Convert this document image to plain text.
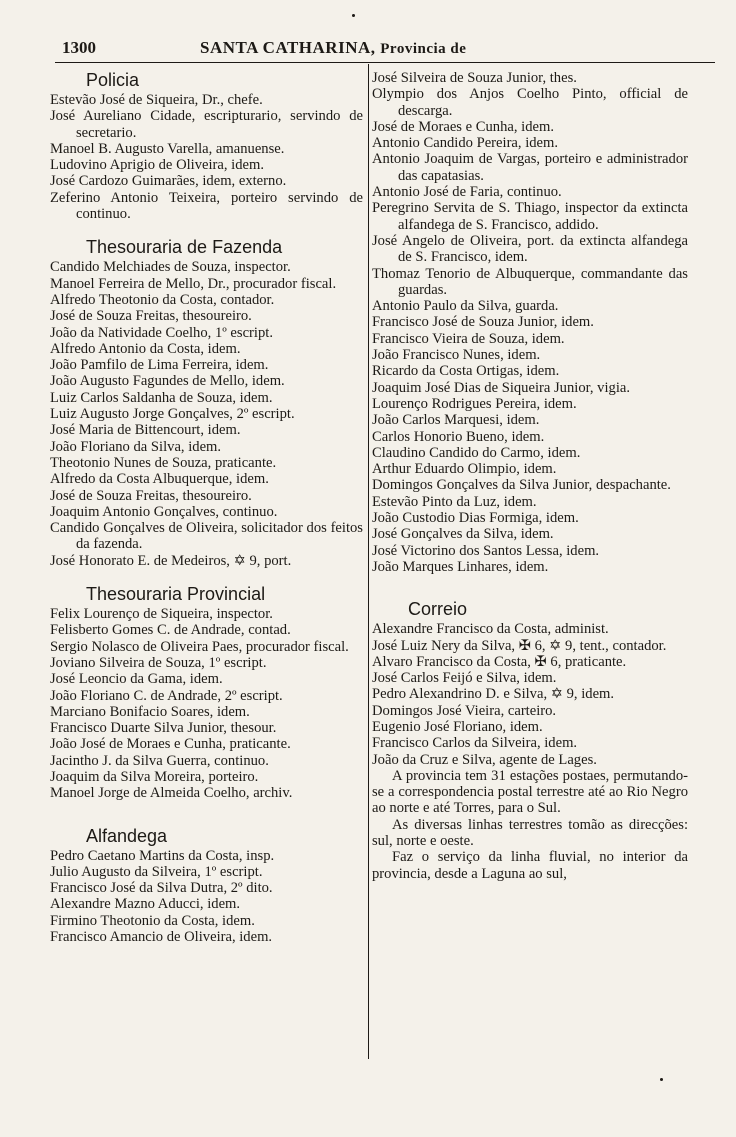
1300	SANTA CATHARINA, Provincia de
Policia
Estevão José de Siqueira, Dr., chefe.
José Aureliano Cidade, escripturario, servindo de secretario.
Manoel B. Augusto Varella, amanuense.
Ludovino Aprigio de Oliveira, idem.
José Cardozo Guimarães, idem, externo.
Zeferino Antonio Teixeira, porteiro servindo de continuo.
Thesouraria de Fazenda
Candido Melchiades de Souza, inspector.
Manoel Ferreira de Mello, Dr., procurador fiscal.
Alfredo Theotonio da Costa, contador.
José de Souza Freitas, thesoureiro.
João da Natividade Coelho, 1º escript.
Alfredo Antonio da Costa, idem.
João Pamfilo de Lima Ferreira, idem.
João Augusto Fagundes de Mello, idem.
Luiz Carlos Saldanha de Souza, idem.
Luiz Augusto Jorge Gonçalves, 2º escript.
José Maria de Bittencourt, idem.
João Floriano da Silva, idem.
Theotonio Nunes de Souza, praticante.
Alfredo da Costa Albuquerque, idem.
José de Souza Freitas, thesoureiro.
Joaquim Antonio Gonçalves, continuo.
Candido Gonçalves de Oliveira, solicitador dos feitos da fazenda.
José Honorato E. de Medeiros, ✡ 9, port.
Thesouraria Provincial
Felix Lourenço de Siqueira, inspector.
Felisberto Gomes C. de Andrade, contad.
Sergio Nolasco de Oliveira Paes, procurador fiscal.
Joviano Silveira de Souza, 1º escript.
José Leoncio da Gama, idem.
João Floriano C. de Andrade, 2º escript.
Marciano Bonifacio Soares, idem.
Francisco Duarte Silva Junior, thesour.
João José de Moraes e Cunha, praticante.
Jacintho J. da Silva Guerra, continuo.
Joaquim da Silva Moreira, porteiro.
Manoel Jorge de Almeida Coelho, archiv.
Alfandega
Pedro Caetano Martins da Costa, insp.
Julio Augusto da Silveira, 1º escript.
Francisco José da Silva Dutra, 2º dito.
Alexandre Mazno Aducci, idem.
Firmino Theotonio da Costa, idem.
Francisco Amancio de Oliveira, idem.
José Silveira de Souza Junior, thes.
Olympio dos Anjos Coelho Pinto, official de descarga.
José de Moraes e Cunha, idem.
Antonio Candido Pereira, idem.
Antonio Joaquim de Vargas, porteiro e administrador das capatasias.
Antonio José de Faria, continuo.
Peregrino Servita de S. Thiago, inspector da extincta alfandega de S. Francisco, addido.
José Angelo de Oliveira, port. da extincta alfandega de S. Francisco, idem.
Thomaz Tenorio de Albuquerque, commandante das guardas.
Antonio Paulo da Silva, guarda.
Francisco José de Souza Junior, idem.
Francisco Vieira de Souza, idem.
João Francisco Nunes, idem.
Ricardo da Costa Ortigas, idem.
Joaquim José Dias de Siqueira Junior, vigia.
Lourenço Rodrigues Pereira, idem.
João Carlos Marquesi, idem.
Carlos Honorio Bueno, idem.
Claudino Candido do Carmo, idem.
Arthur Eduardo Olimpio, idem.
Domingos Gonçalves da Silva Junior, despachante.
Estevão Pinto da Luz, idem.
João Custodio Dias Formiga, idem.
José Gonçalves da Silva, idem.
José Victorino dos Santos Lessa, idem.
João Marques Linhares, idem.
Correio
Alexandre Francisco da Costa, administ.
José Luiz Nery da Silva, ✠ 6, ✡ 9, tent., contador.
Alvaro Francisco da Costa, ✠ 6, praticante.
José Carlos Feijó e Silva, idem.
Pedro Alexandrino D. e Silva, ✡ 9, idem.
Domingos José Vieira, carteiro.
Eugenio José Floriano, idem.
Francisco Carlos da Silveira, idem.
João da Cruz e Silva, agente de Lages.
A provincia tem 31 estações postaes, permutando-se a correspondencia postal terrestre até ao Rio Negro ao norte e até Torres, para o Sul.
As diversas linhas terrestres tomão as direcções: sul, norte e oeste.
Faz o serviço da linha fluvial, no interior da provincia, desde a Laguna ao sul,
